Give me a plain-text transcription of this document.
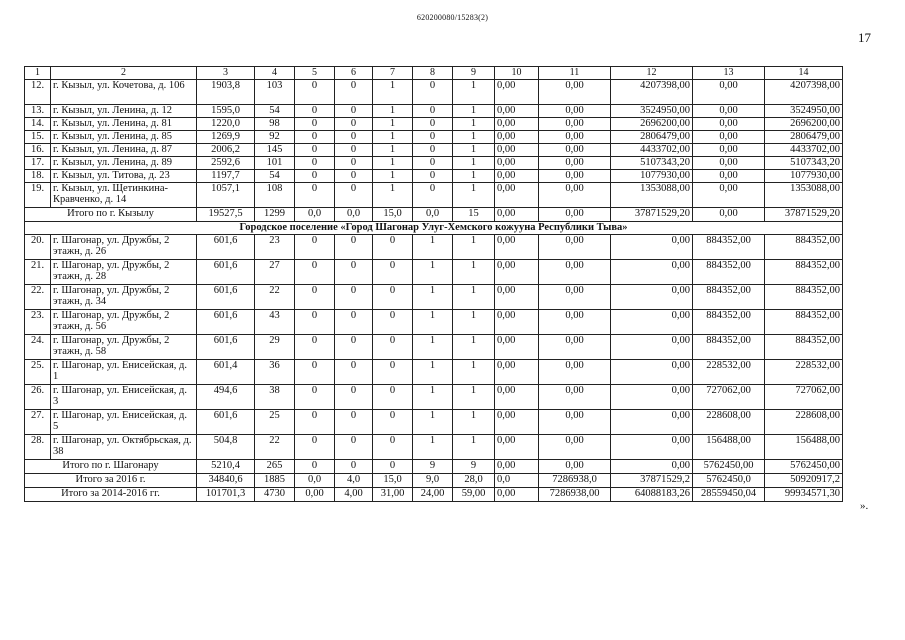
620200080/15283(2)
17
1	2	3	4	5	6	7	8	9	10	11	12	13	14
12.	г. Кызыл, ул. Кочетова, д. 106	1903,8	103	0	0	1	0	1	0,00	0,00	4207398,00	0,00	4207398,00
13.	г. Кызыл, ул. Ленина, д. 12	1595,0	54	0	0	1	0	1	0,00	0,00	3524950,00	0,00	3524950,00
14.	г. Кызыл, ул. Ленина, д. 81	1220,0	98	0	0	1	0	1	0,00	0,00	2696200,00	0,00	2696200,00
15.	г. Кызыл, ул. Ленина, д. 85	1269,9	92	0	0	1	0	1	0,00	0,00	2806479,00	0,00	2806479,00
16.	г. Кызыл, ул. Ленина, д. 87	2006,2	145	0	0	1	0	1	0,00	0,00	4433702,00	0,00	4433702,00
17.	г. Кызыл, ул. Ленина, д. 89	2592,6	101	0	0	1	0	1	0,00	0,00	5107343,20	0,00	5107343,20
18.	г. Кызыл, ул. Титова, д. 23	1197,7	54	0	0	1	0	1	0,00	0,00	1077930,00	0,00	1077930,00
19.	г. Кызыл, ул. Щетинкина-Кравченко, д. 14	1057,1	108	0	0	1	0	1	0,00	0,00	1353088,00	0,00	1353088,00
Итого по г. Кызылу		19527,5	1299	0,0	0,0	15,0	0,0	15	0,00	0,00	37871529,20	0,00	37871529,20
Городское поселение «Город Шагонар Улуг-Хемского кожууна Республики Тыва»													
20.	г. Шагонар, ул. Дружбы, 2 этажн, д. 26	601,6	23	0	0	0	1	1	0,00	0,00	0,00	884352,00	884352,00
21.	г. Шагонар, ул. Дружбы, 2 этажн, д. 28	601,6	27	0	0	0	1	1	0,00	0,00	0,00	884352,00	884352,00
22.	г. Шагонар, ул. Дружбы, 2 этажн, д. 34	601,6	22	0	0	0	1	1	0,00	0,00	0,00	884352,00	884352,00
23.	г. Шагонар, ул. Дружбы, 2 этажн, д. 56	601,6	43	0	0	0	1	1	0,00	0,00	0,00	884352,00	884352,00
24.	г. Шагонар, ул. Дружбы, 2 этажн, д. 58	601,6	29	0	0	0	1	1	0,00	0,00	0,00	884352,00	884352,00
25.	г. Шагонар, ул. Енисейская, д. 1	601,4	36	0	0	0	1	1	0,00	0,00	0,00	228532,00	228532,00
26.	г. Шагонар, ул. Енисейская, д. 3	494,6	38	0	0	0	1	1	0,00	0,00	0,00	727062,00	727062,00
27.	г. Шагонар, ул. Енисейская, д. 5	601,6	25	0	0	0	1	1	0,00	0,00	0,00	228608,00	228608,00
28.	г. Шагонар, ул. Октябрьская, д. 38	504,8	22	0	0	0	1	1	0,00	0,00	0,00	156488,00	156488,00
Итого по г. Шагонару		5210,4	265	0	0	0	9	9	0,00	0,00	0,00	5762450,00	5762450,00
Итого за 2016 г.		34840,6	1885	0,0	4,0	15,0	9,0	28,0	0,0	7286938,0	37871529,2	5762450,0	50920917,2
Итого за 2014-2016 гг.		101701,3	4730	0,00	4,00	31,00	24,00	59,00	0,00	7286938,00	64088183,26	28559450,04	99934571,30
».
